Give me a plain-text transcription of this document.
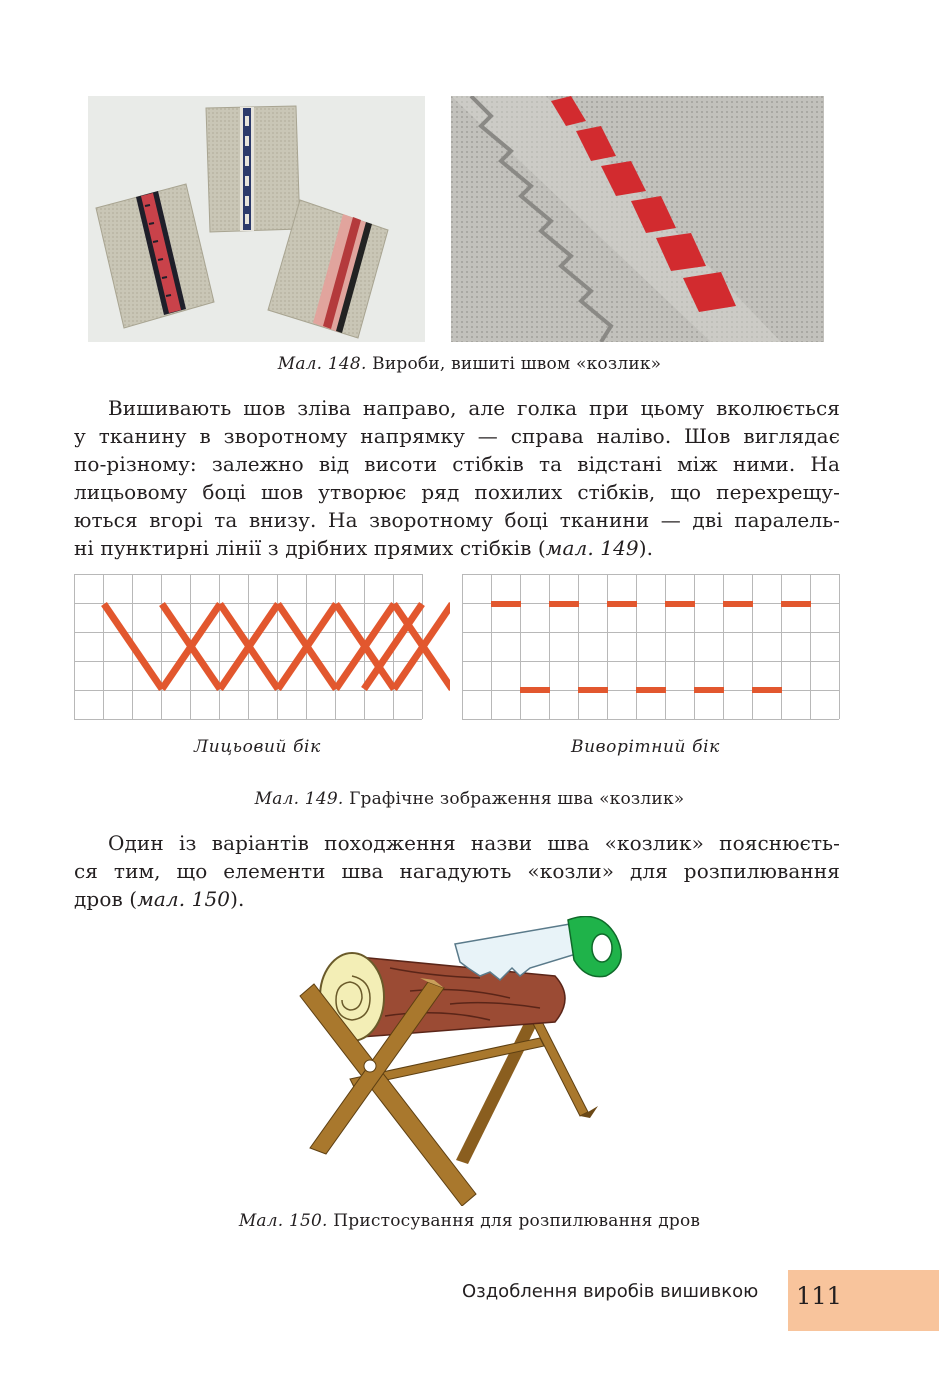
Мал. 148. Вироби, вишиті швом «козлик»

Вишивають шов зліва направо, але голка при цьому вколюється

у тканину в зворотному напрямку — справа наліво. Шов виглядає

по-різному: залежно від висоти стібків та відстані між ними. На

лицьовому боці шов утворює ряд похилих стібків, що перехрещу-

ються вгорі та внизу. На зворотному боці тканини — дві паралель-

ні пунктирні лінії з дрібних прямих стібків (мал. 149).

Лицьовий бік	Виворітний бік
Мал. 149. Графічне зображення шва «козлик»

Один із варіантів походження назви шва «козлик» пояснюєть-

ся тим, що елементи шва нагадують «козли» для розпилювання

дров (мал. 150).

Мал. 150. Пристосування для розпилювання дров
Оздоблення виробів вишивкою	111
